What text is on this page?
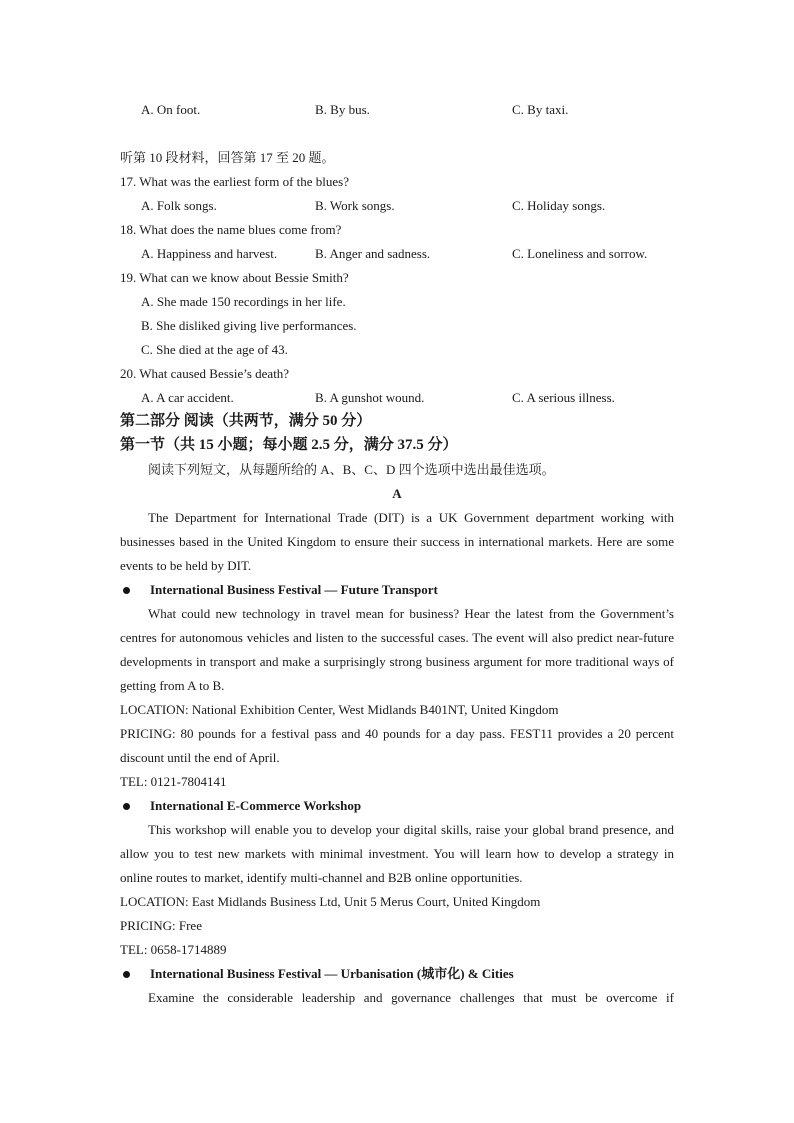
A. On foot.	B. By bus.	C. By taxi.
听第 10 段材料，回答第 17 至 20 题。
17. What was the earliest form of the blues?
A. Folk songs.	B. Work songs.	C. Holiday songs.
18. What does the name blues come from?
A. Happiness and harvest.	B. Anger and sadness.	C. Loneliness and sorrow.
19. What can we know about Bessie Smith?
A. She made 150 recordings in her life.
B. She disliked giving live performances.
C. She died at the age of 43.
20. What caused Bessie’s death?
A. A car accident.	B. A gunshot wound.	C. A serious illness.
第二部分 阅读（共两节，满分 50 分）
第一节（共 15 小题；每小题 2.5 分，满分 37.5 分）
阅读下列短文，从每题所给的 A、B、C、D 四个选项中选出最佳选项。
A
The Department for International Trade (DIT) is a UK Government department working with businesses based in the United Kingdom to ensure their success in international markets. Here are some events to be held by DIT.
International Business Festival — Future Transport
What could new technology in travel mean for business? Hear the latest from the Government’s centres for autonomous vehicles and listen to the successful cases. The event will also predict near-future developments in transport and make a surprisingly strong business argument for more traditional ways of getting from A to B.
LOCATION: National Exhibition Center, West Midlands B401NT, United Kingdom
PRICING: 80 pounds for a festival pass and 40 pounds for a day pass. FEST11 provides a 20 percent discount until the end of April.
TEL: 0121-7804141
International E-Commerce Workshop
This workshop will enable you to develop your digital skills, raise your global brand presence, and allow you to test new markets with minimal investment. You will learn how to develop a strategy in online routes to market, identify multi-channel and B2B online opportunities.
LOCATION: East Midlands Business Ltd, Unit 5 Merus Court, United Kingdom
PRICING: Free
TEL: 0658-1714889
International Business Festival — Urbanisation (城市化) & Cities
Examine the considerable leadership and governance challenges that must be overcome if
